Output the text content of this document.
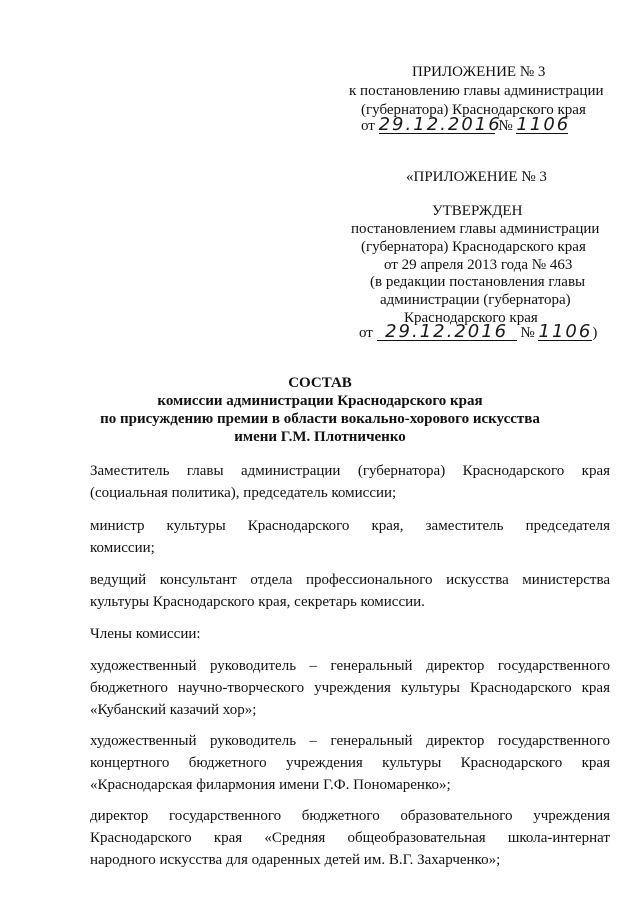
ПРИЛОЖЕНИЕ № 3
к постановлению главы администрации
(губернатора) Краснодарского края
от 29.12.2016 № 1106
«ПРИЛОЖЕНИЕ № 3
УТВЕРЖДЕН
постановлением главы администрации
(губернатора) Краснодарского края
от 29 апреля 2013 года № 463
(в редакции постановления главы
администрации (губернатора)
Краснодарского края
от 29.12.2016 № 1106)
СОСТАВ
комиссии администрации Краснодарского края
по присуждению премии в области вокально-хорового искусства
имени Г.М. Плотниченко
Заместитель главы администрации (губернатора) Краснодарского края
(социальная политика), председатель комиссии;
министр культуры Краснодарского края, заместитель председателя
комиссии;
ведущий консультант отдела профессионального искусства министерства
культуры Краснодарского края, секретарь комиссии.
Члены комиссии:
художественный руководитель – генеральный директор государственного
бюджетного научно-творческого учреждения культуры Краснодарского края
«Кубанский казачий хор»;
художественный руководитель – генеральный директор государственного
концертного бюджетного учреждения культуры Краснодарского края
«Краснодарская филармония имени Г.Ф. Пономаренко»;
директор государственного бюджетного образовательного учреждения
Краснодарского края «Средняя общеобразовательная школа-интернат
народного искусства для одаренных детей им. В.Г. Захарченко»;
